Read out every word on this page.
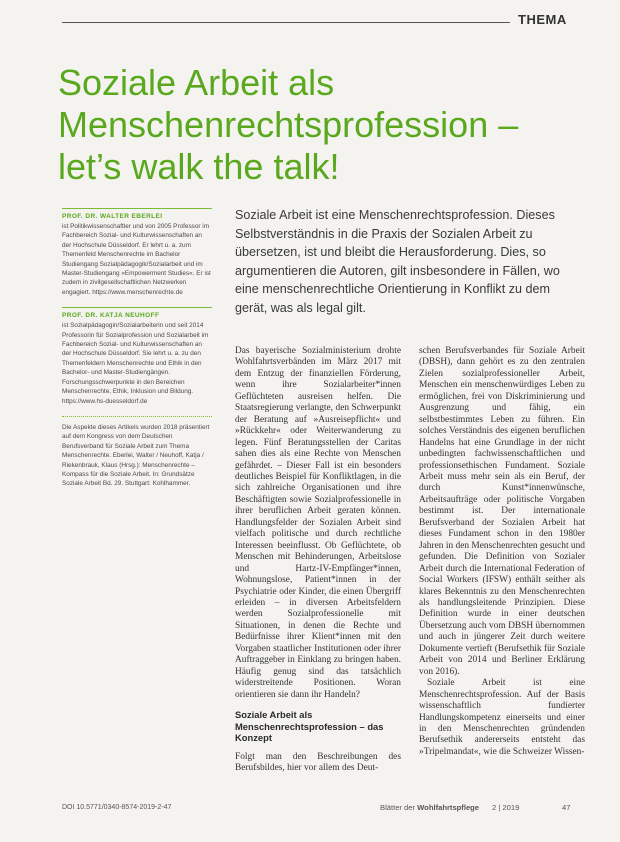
THEMA
Soziale Arbeit als
Menschenrechtsprofession –
let’s walk the talk!
PROF. DR. WALTER EBERLEI
ist Politikwissenschaftler und von 2005 Professor im Fachbereich Sozial- und Kulturwissenschaften an der Hochschule Düsseldorf. Er lehrt u. a. zum Themenfeld Menschenrechte im Bachelor Studiengang Sozialpädagogik/Sozialarbeit und im Master-Studiengang »Empowerment Studies«. Er ist zudem in zivilgesellschaftlichen Netzwerken engagiert. https://www.menschenrechte.de
PROF. DR. KATJA NEUHOFF
ist Sozialpädagogin/Sozialarbeiterin und seit 2014 Professorin für Sozialprofession und Sozialarbeit im Fachbereich Sozial- und Kulturwissenschaften an der Hochschule Düsseldorf. Sie lehrt u. a. zu den Themenfeldern Menschenrechte und Ethik in den Bachelor- und Master-Studiengängen. Forschungsschwerpunkte in den Bereichen Menschenrechte, Ethik, Inklusion und Bildung. https://www.hs-duesseldorf.de
Die Aspekte dieses Artikels wurden 2018 präsentiert auf dem Kongress von dem Deutschen Berufsverband für Soziale Arbeit zum Thema Menschenrechte. Eberlei, Walter / Neuhoff, Katja / Riekenbrauk, Klaus (Hrsg.): Menschenrechte – Kompass für die Soziale Arbeit. In: Grundsätze Soziale Arbeit Bd. 29. Stuttgart: Kohlhammer.
Soziale Arbeit ist eine Menschenrechtsprofession. Dieses Selbstverständnis in die Praxis der Sozialen Arbeit zu übersetzen, ist und bleibt die Herausforderung. Dies, so argumentieren die Autoren, gilt insbesondere in Fällen, wo eine menschenrechtliche Orientierung in Konflikt zu dem gerät, was als legal gilt.

Das bayerische Sozialministerium drohte Wohlfahrtsverbänden im März 2017 mit dem Entzug der finanziellen Förderung, wenn ihre Sozialarbeiter*innen Geflüchteten ausreisen helfen. Die Staatsregierung verlangte, den Schwerpunkt der Beratung auf »Ausreisepflicht« und »Rückkehr« oder Weiterwanderung zu legen. Fünf Beratungsstellen der Caritas sahen dies als eine Rechte von Menschen gefährdet. – Dieser Fall ist ein besonders deutliches Beispiel für Konfliktlagen, in die sich zahlreiche Organisationen und ihre Beschäftigten sowie Sozialprofessionelle in ihrer beruflichen Arbeit geraten können. Handlungsfelder der Sozialen Arbeit sind vielfach politische und durch rechtliche Interessen beeinflusst. Ob Geflüchtete, ob Menschen mit Behinderungen, Arbeitslose und Hartz-IV-Empfänger*innen, Wohnungslose, Patient*innen in der Psychiatrie oder Kinder, die einen Übergriff erleiden – in diversen Arbeitsfeldern werden Sozialprofessionelle mit Situationen, in denen die Rechte und Bedürfnisse ihrer Klient*innen mit den Vorgaben staatlicher Institutionen oder ihrer Auftraggeber in Einklang zu bringen haben. Häufig genug sind das tatsächlich widerstreitende Positionen. Woran orientieren sie dann ihr Handeln?

Soziale Arbeit als Menschenrechtsprofession – das Konzept

Folgt man den Beschreibungen des Berufsbildes, hier vor allem des Deut-

schen Berufsverbandes für Soziale Arbeit (DBSH), dann gehört es zu den zentralen Zielen sozialprofessioneller Arbeit, Menschen ein menschenwürdiges Leben zu ermöglichen, frei von Diskriminierung und Ausgrenzung und fähig, ein selbstbestimmtes Leben zu führen. Ein solches Verständnis des eigenen beruflichen Handelns hat eine Grundlage in der nicht unbedingten fachwissenschaftlichen und professionsethischen Fundament. Soziale Arbeit muss mehr sein als ein Beruf, der durch Kunst*innenwünsche, Arbeitsaufträge oder politische Vorgaben bestimmt ist. Der internationale Berufsverband der Sozialen Arbeit hat dieses Fundament schon in den 1980er Jahren in den Menschenrechten gesucht und gefunden. Die Definition von Sozialer Arbeit durch die International Federation of Social Workers (IFSW) enthält seither als klares Bekenntnis zu den Menschenrechten als handlungsleitende Prinzipien. Diese Definition wurde in einer deutschen Übersetzung auch vom DBSH übernommen und auch in jüngerer Zeit durch weitere Dokumente vertieft (Berufsethik für Soziale Arbeit von 2014 und Berliner Erklärung von 2016).

Soziale Arbeit ist eine Menschenrechtsprofession. Auf der Basis wissenschaftlich fundierter Handlungskompetenz einerseits und einer in den Menschenrechten gründenden Berufsethik andererseits entsteht das »Tripelmandat«, wie die Schweizer Wissen-

DOI 10.5771/0340-8574-2019-2-47	Blätter der Wohlfahrtspflege 2 | 2019	47
